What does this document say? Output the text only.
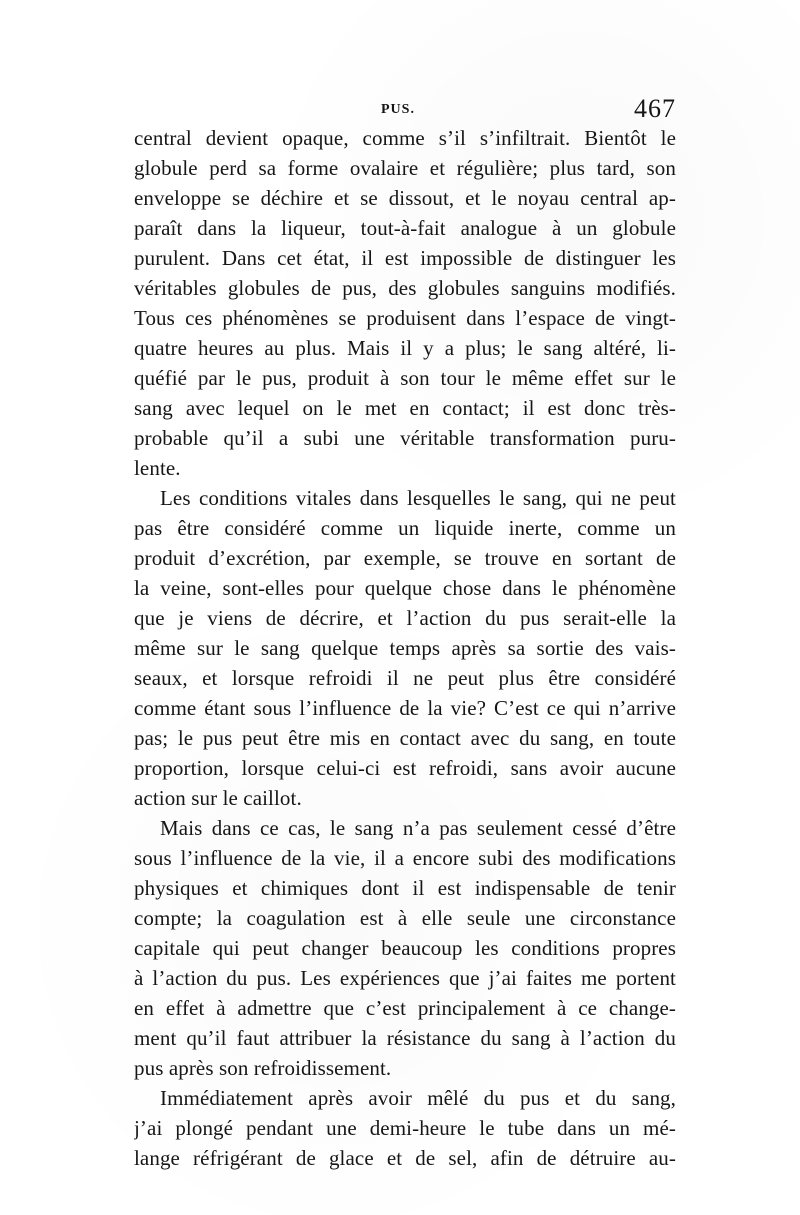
PUS.	467
central devient opaque, comme s’il s’infiltrait. Bientôt le
globule perd sa forme ovalaire et régulière; plus tard, son
enveloppe se déchire et se dissout, et le noyau central ap-
paraît dans la liqueur, tout-à-fait analogue à un globule
purulent. Dans cet état, il est impossible de distinguer les
véritables globules de pus, des globules sanguins modifiés.
Tous ces phénomènes se produisent dans l’espace de vingt-
quatre heures au plus. Mais il y a plus; le sang altéré, li-
quéfié par le pus, produit à son tour le même effet sur le
sang avec lequel on le met en contact; il est donc très-
probable qu’il a subi une véritable transformation puru-
lente.
Les conditions vitales dans lesquelles le sang, qui ne peut
pas être considéré comme un liquide inerte, comme un
produit d’excrétion, par exemple, se trouve en sortant de
la veine, sont-elles pour quelque chose dans le phénomène
que je viens de décrire, et l’action du pus serait-elle la
même sur le sang quelque temps après sa sortie des vais-
seaux, et lorsque refroidi il ne peut plus être considéré
comme étant sous l’influence de la vie? C’est ce qui n’arrive
pas; le pus peut être mis en contact avec du sang, en toute
proportion, lorsque celui-ci est refroidi, sans avoir aucune
action sur le caillot.
Mais dans ce cas, le sang n’a pas seulement cessé d’être
sous l’influence de la vie, il a encore subi des modifications
physiques et chimiques dont il est indispensable de tenir
compte; la coagulation est à elle seule une circonstance
capitale qui peut changer beaucoup les conditions propres
à l’action du pus. Les expériences que j’ai faites me portent
en effet à admettre que c’est principalement à ce change-
ment qu’il faut attribuer la résistance du sang à l’action du
pus après son refroidissement.
Immédiatement après avoir mêlé du pus et du sang,
j’ai plongé pendant une demi-heure le tube dans un mé-
lange réfrigérant de glace et de sel, afin de détruire au-
